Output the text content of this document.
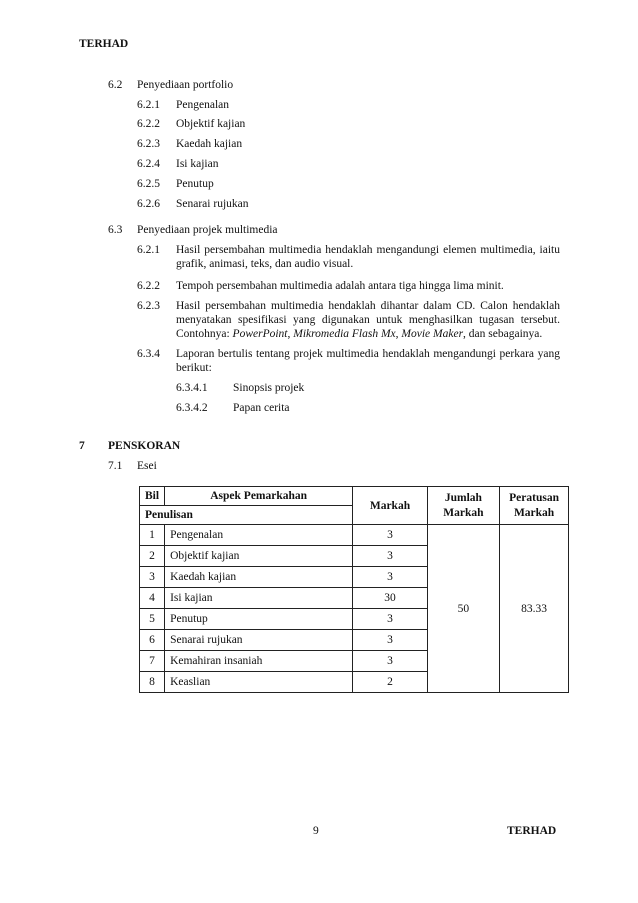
TERHAD
6.2 Penyediaan portfolio
6.2.1 Pengenalan
6.2.2 Objektif kajian
6.2.3 Kaedah kajian
6.2.4 Isi kajian
6.2.5 Penutup
6.2.6 Senarai rujukan
6.3 Penyediaan projek multimedia
6.2.1 Hasil persembahan multimedia hendaklah mengandungi elemen multimedia, iaitu grafik, animasi, teks, dan audio visual.
6.2.2 Tempoh persembahan multimedia adalah antara tiga hingga lima minit.
6.2.3 Hasil persembahan multimedia hendaklah dihantar dalam CD. Calon hendaklah menyatakan spesifikasi yang digunakan untuk menghasilkan tugasan tersebut. Contohnya: PowerPoint, Mikromedia Flash Mx, Movie Maker, dan sebagainya.
6.3.4 Laporan bertulis tentang projek multimedia hendaklah mengandungi perkara yang berikut:
6.3.4.1 Sinopsis projek
6.3.4.2 Papan cerita
7 PENSKORAN
7.1 Esei
Bil	Aspek Pemarkahan	Markah	Jumlah Markah	Peratusan Markah
Penulisan				
1	Pengenalan	3	50	83.33
2	Objektif kajian	3		
3	Kaedah kajian	3		
4	Isi kajian	30		
5	Penutup	3		
6	Senarai rujukan	3		
7	Kemahiran insaniah	3		
8	Keaslian	2		
9	TERHAD
